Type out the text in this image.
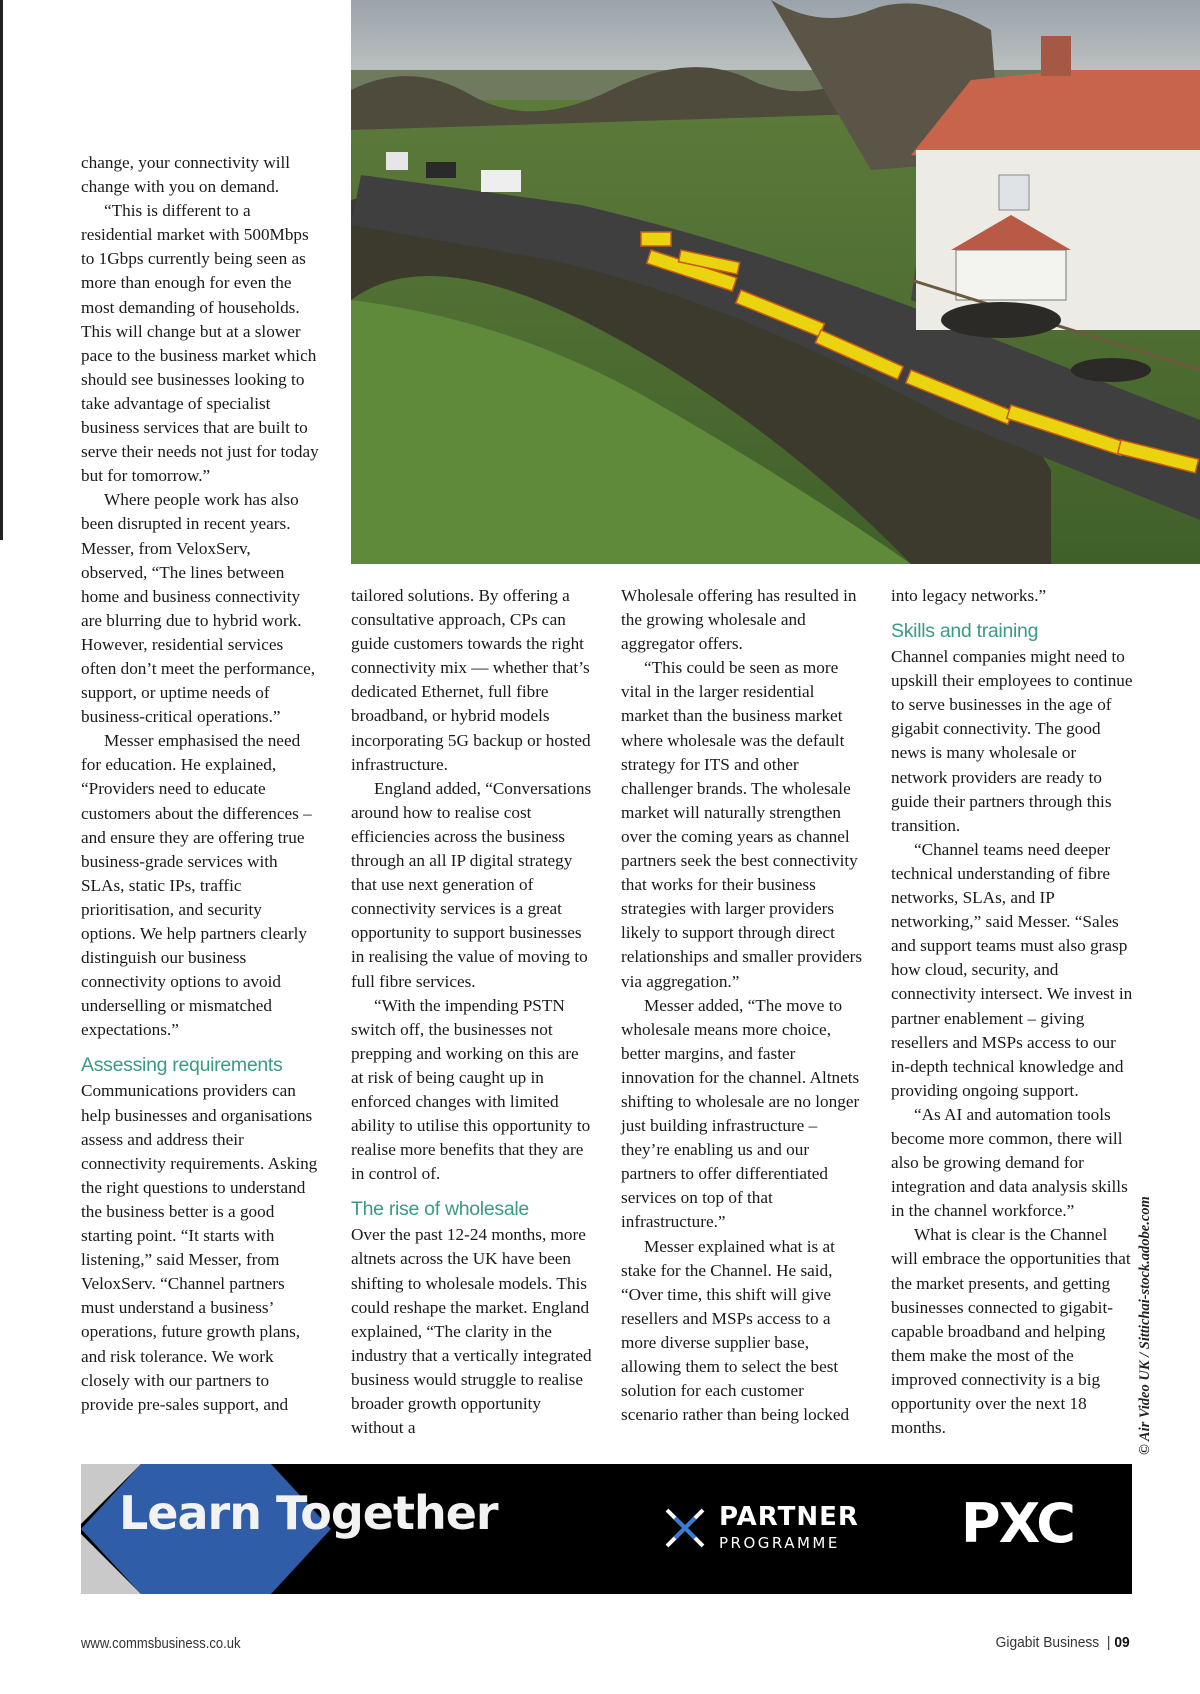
change, your connectivity will change with you on demand.

“This is different to a residential market with 500Mbps to 1Gbps currently being seen as more than enough for even the most demanding of households. This will change but at a slower pace to the business market which should see businesses looking to take advantage of specialist business services that are built to serve their needs not just for today but for tomorrow.”

Where people work has also been disrupted in recent years. Messer, from VeloxServ, observed, “The lines between home and business connectivity are blurring due to hybrid work. However, residential services often don’t meet the performance, support, or uptime needs of business-critical operations.”

Messer emphasised the need for education. He explained, “Providers need to educate customers about the differences – and ensure they are offering true business-grade services with SLAs, static IPs, traffic prioritisation, and security options. We help partners clearly distinguish our business connectivity options to avoid underselling or mismatched expectations.”

Assessing requirements

Communications providers can help businesses and organisations assess and address their connectivity requirements. Asking the right questions to understand the business better is a good starting point. “It starts with listening,” said Messer, from VeloxServ. “Channel partners must understand a business’ operations, future growth plans, and risk tolerance. We work closely with our partners to provide pre-sales support, and

tailored solutions. By offering a consultative approach, CPs can guide customers towards the right connectivity mix — whether that’s dedicated Ethernet, full fibre broadband, or hybrid models incorporating 5G backup or hosted infrastructure.

England added, “Conversations around how to realise cost efficiencies across the business through an all IP digital strategy that use next generation of connectivity services is a great opportunity to support businesses in realising the value of moving to full fibre services.

“With the impending PSTN switch off, the businesses not prepping and working on this are at risk of being caught up in enforced changes with limited ability to utilise this opportunity to realise more benefits that they are in control of.

The rise of wholesale

Over the past 12-24 months, more altnets across the UK have been shifting to wholesale models. This could reshape the market. England explained, “The clarity in the industry that a vertically integrated business would struggle to realise broader growth opportunity without a

Wholesale offering has resulted in the growing wholesale and aggregator offers.

“This could be seen as more vital in the larger residential market than the business market where wholesale was the default strategy for ITS and other challenger brands. The wholesale market will naturally strengthen over the coming years as channel partners seek the best connectivity that works for their business strategies with larger providers likely to support through direct relationships and smaller providers via aggregation.”

Messer added, “The move to wholesale means more choice, better margins, and faster innovation for the channel. Altnets shifting to wholesale are no longer just building infrastructure – they’re enabling us and our partners to offer differentiated services on top of that infrastructure.”

Messer explained what is at stake for the Channel. He said, “Over time, this shift will give resellers and MSPs access to a more diverse supplier base, allowing them to select the best solution for each customer scenario rather than being locked

into legacy networks.”

Skills and training

Channel companies might need to upskill their employees to continue to serve businesses in the age of gigabit connectivity. The good news is many wholesale or network providers are ready to guide their partners through this transition.

“Channel teams need deeper technical understanding of fibre networks, SLAs, and IP networking,” said Messer. “Sales and support teams must also grasp how cloud, security, and connectivity intersect. We invest in partner enablement – giving resellers and MSPs access to our in-depth technical knowledge and providing ongoing support.

“As AI and automation tools become more common, there will also be growing demand for integration and data analysis skills in the channel workforce.”

What is clear is the Channel will embrace the opportunities that the market presents, and getting businesses connected to gigabit-capable broadband and helping them make the most of the improved connectivity is a big opportunity over the next 18 months.	© Air Video UK / Sittichai-stock.adobe.com
Learn Together	PARTNER
PROGRAMME PXC
www.commsbusiness.co.uk	Gigabit Business | 09
